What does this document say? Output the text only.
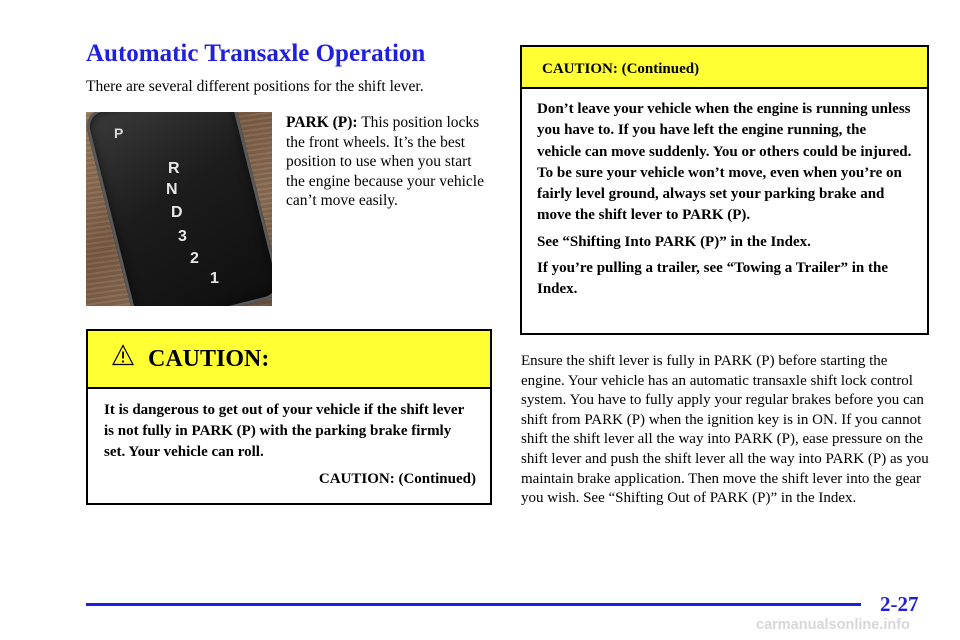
Automatic Transaxle Operation

There are several different positions for the shift lever.

P
R
N
D
3
2
1

PARK (P): This position locks the front wheels. It’s the best position to use when you start the engine because your vehicle can’t move easily.

CAUTION:

It is dangerous to get out of your vehicle if the shift lever is not fully in PARK (P) with the parking brake firmly set. Your vehicle can roll.

CAUTION: (Continued)

CAUTION: (Continued)

Don’t leave your vehicle when the engine is running unless you have to. If you have left the engine running, the vehicle can move suddenly. You or others could be injured. To be sure your vehicle won’t move, even when you’re on fairly level ground, always set your parking brake and move the shift lever to PARK (P).

See “Shifting Into PARK (P)” in the Index.

If you’re pulling a trailer, see “Towing a Trailer” in the Index.

Ensure the shift lever is fully in PARK (P) before starting the engine. Your vehicle has an automatic transaxle shift lock control system. You have to fully apply your regular brakes before you can shift from PARK (P) when the ignition key is in ON. If you cannot shift the shift lever all the way into PARK (P), ease pressure on the shift lever and push the shift lever all the way into PARK (P) as you maintain brake application. Then move the shift lever into the gear you wish. See “Shifting Out of PARK (P)” in the Index.

2-27

carmanualsonline.info
